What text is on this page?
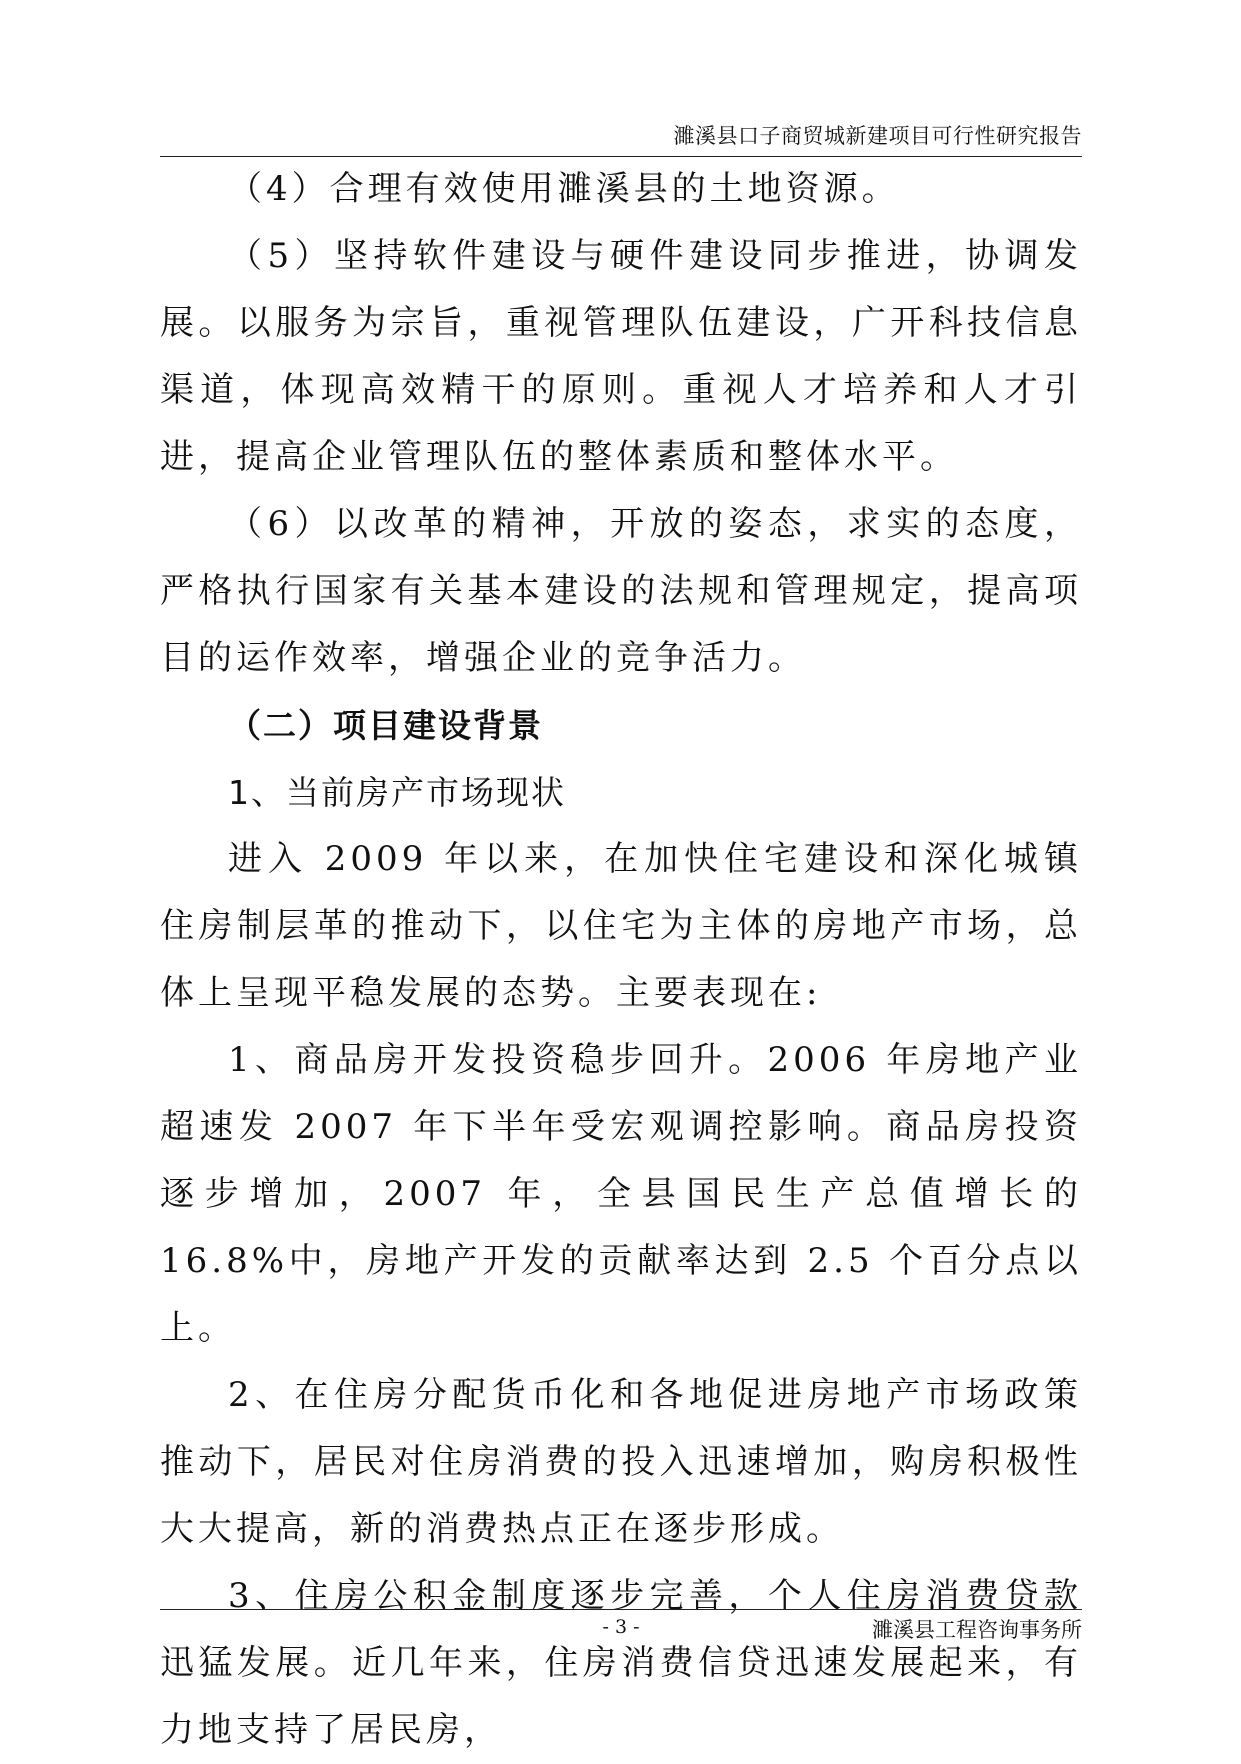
濉溪县口子商贸城新建项目可行性研究报告

（4）合理有效使用濉溪县的土地资源。

（5）坚持软件建设与硬件建设同步推进，协调发展。以服务为宗旨，重视管理队伍建设，广开科技信息渠道，体现高效精干的原则。重视人才培养和人才引进，提高企业管理队伍的整体素质和整体水平。

（6）以改革的精神，开放的姿态，求实的态度，严格执行国家有关基本建设的法规和管理规定，提高项目的运作效率，增强企业的竞争活力。

（二）项目建设背景

1、当前房产市场现状

进入 2009 年以来，在加快住宅建设和深化城镇住房制层革的推动下，以住宅为主体的房地产市场，总体上呈现平稳发展的态势。主要表现在:

1、商品房开发投资稳步回升。2006 年房地产业超速发 2007 年下半年受宏观调控影响。商品房投资逐步增加，2007 年，全县国民生产总值增长的 16.8%中，房地产开发的贡献率达到 2.5 个百分点以上。

2、在住房分配货币化和各地促进房地产市场政策推动下，居民对住房消费的投入迅速增加，购房积极性大大提高，新的消费热点正在逐步形成。

3、住房公积金制度逐步完善，个人住房消费贷款迅猛发展。近几年来，住房消费信贷迅速发展起来，有力地支持了居民房，

- 3 -	濉溪县工程咨询事务所
